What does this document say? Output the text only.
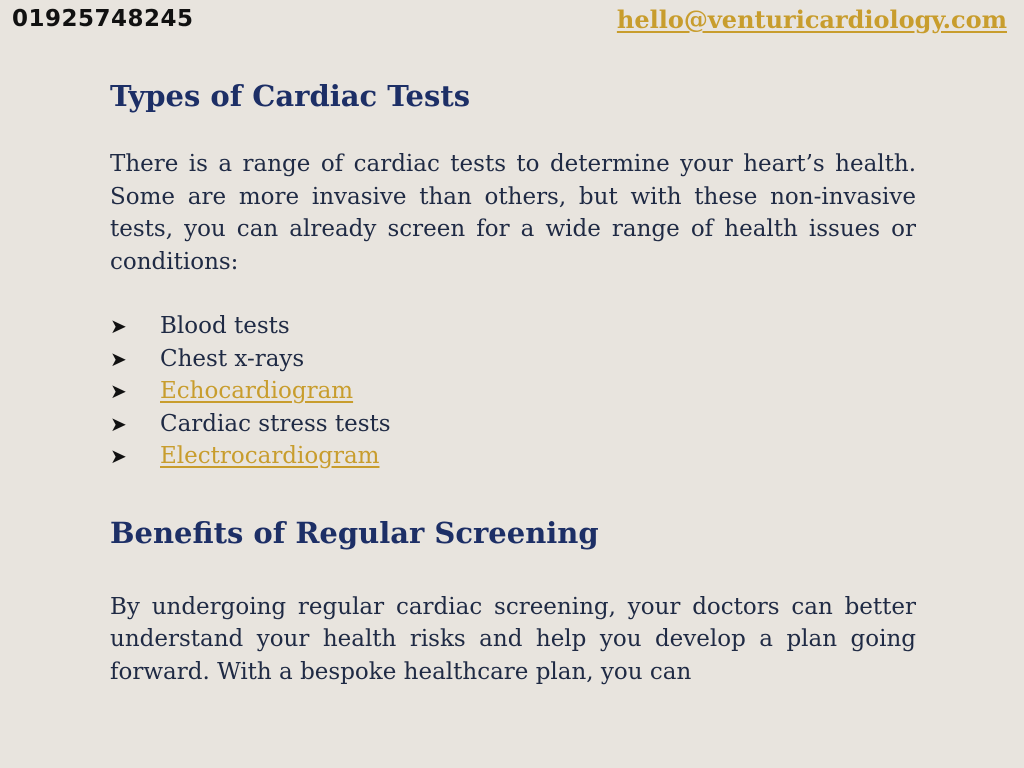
01925748245	hello@venturicardiology.com
Types of Cardiac Tests

There is a range of cardiac tests to determine your heart’s health. Some are more invasive than others, but with these non-invasive tests, you can already screen for a wide range of health issues or conditions:

➤ Blood tests
➤ Chest x-rays
➤ Echocardiogram
➤ Cardiac stress tests
➤ Electrocardiogram
Benefits of Regular Screening

By undergoing regular cardiac screening, your doctors can better understand your health risks and help you develop a plan going forward. With a bespoke healthcare plan, you can
